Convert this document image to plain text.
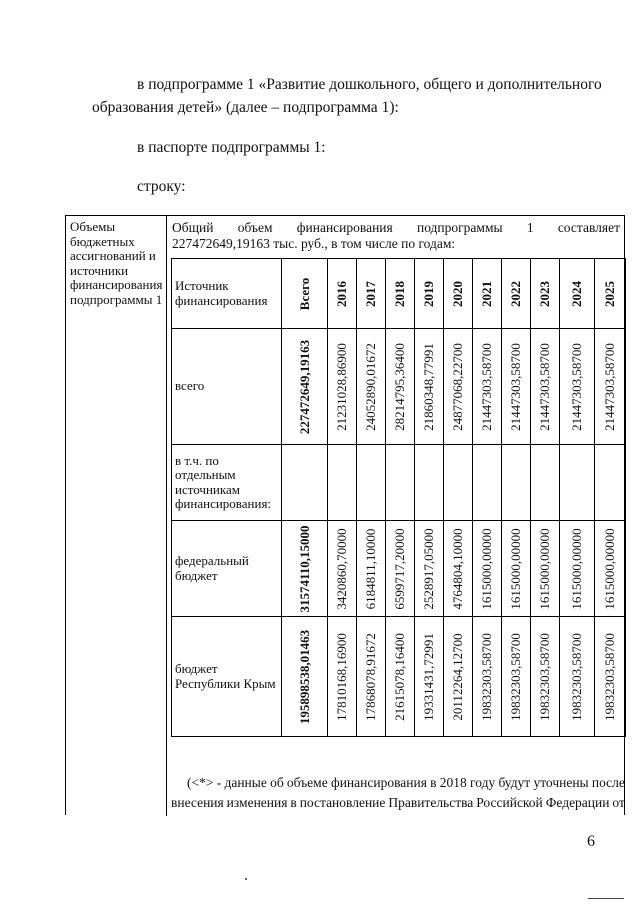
в подпрограмме 1 «Развитие дошкольного, общего и дополнительного
образования детей» (далее – подпрограмма 1):
в паспорте подпрограммы 1:
строку:
Объемы бюджетных ассигнований и источники финансирования подпрограммы 1
Общий объем финансирования подпрограммы 1 составляет
227472649,19163 тыс. руб., в том числе по годам:
Источник финансирования	Всего	2016	2017	2018	2019	2020	2021	2022	2023	2024	2025

всего	227472649,19163	21231028,86900	24052890,01672	28214795,36400	21860348,77991	24877068,22700	21447303,58700	21447303,58700	21447303,58700	21447303,58700	21447303,58700

в т.ч. по отдельным источникам финансирования:	

федеральный бюджет	31574110,15000	3420860,70000	6184811,10000	6599717,20000	2528917,05000	4764804,10000	1615000,00000	1615000,00000	1615000,00000	1615000,00000	1615000,00000

бюджет Республики Крым	195898538,01463	17810168,16900	17868078,91672	21615078,16400	19331431,72991	20112264,12700	19832303,58700	19832303,58700	19832303,58700	19832303,58700	19832303,58700
(<*> - данные об объеме финансирования в 2018 году будут уточнены после
внесения изменения в постановление Правительства Российской Федерации от
6
